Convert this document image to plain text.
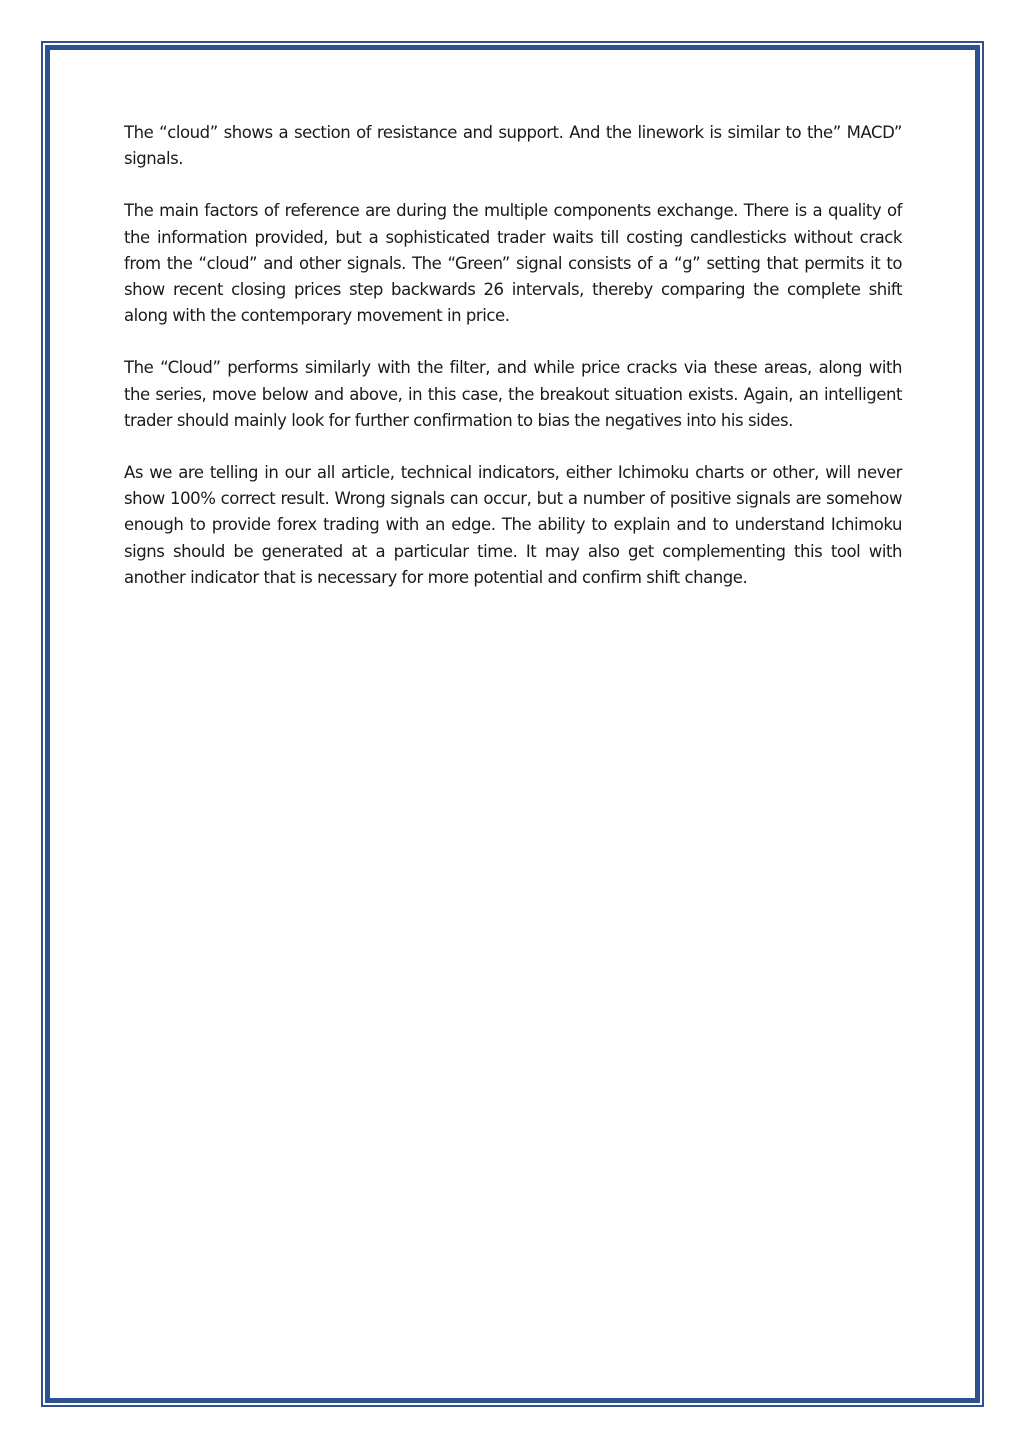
The “cloud” shows a section of resistance and support. And the linework is similar to the” MACD” signals.

The main factors of reference are during the multiple components exchange. There is a quality of the information provided, but a sophisticated trader waits till costing candlesticks without crack from the “cloud” and other signals. The “Green” signal consists of a “g” setting that permits it to show recent closing prices step backwards 26 intervals, thereby comparing the complete shift along with the contemporary movement in price.

The “Cloud” performs similarly with the filter, and while price cracks via these areas, along with the series, move below and above, in this case, the breakout situation exists. Again, an intelligent trader should mainly look for further confirmation to bias the negatives into his sides.

As we are telling in our all article, technical indicators, either Ichimoku charts or other, will never show 100% correct result. Wrong signals can occur, but a number of positive signals are somehow enough to provide forex trading with an edge. The ability to explain and to understand Ichimoku signs should be generated at a particular time. It may also get complementing this tool with another indicator that is necessary for more potential and confirm shift change.
